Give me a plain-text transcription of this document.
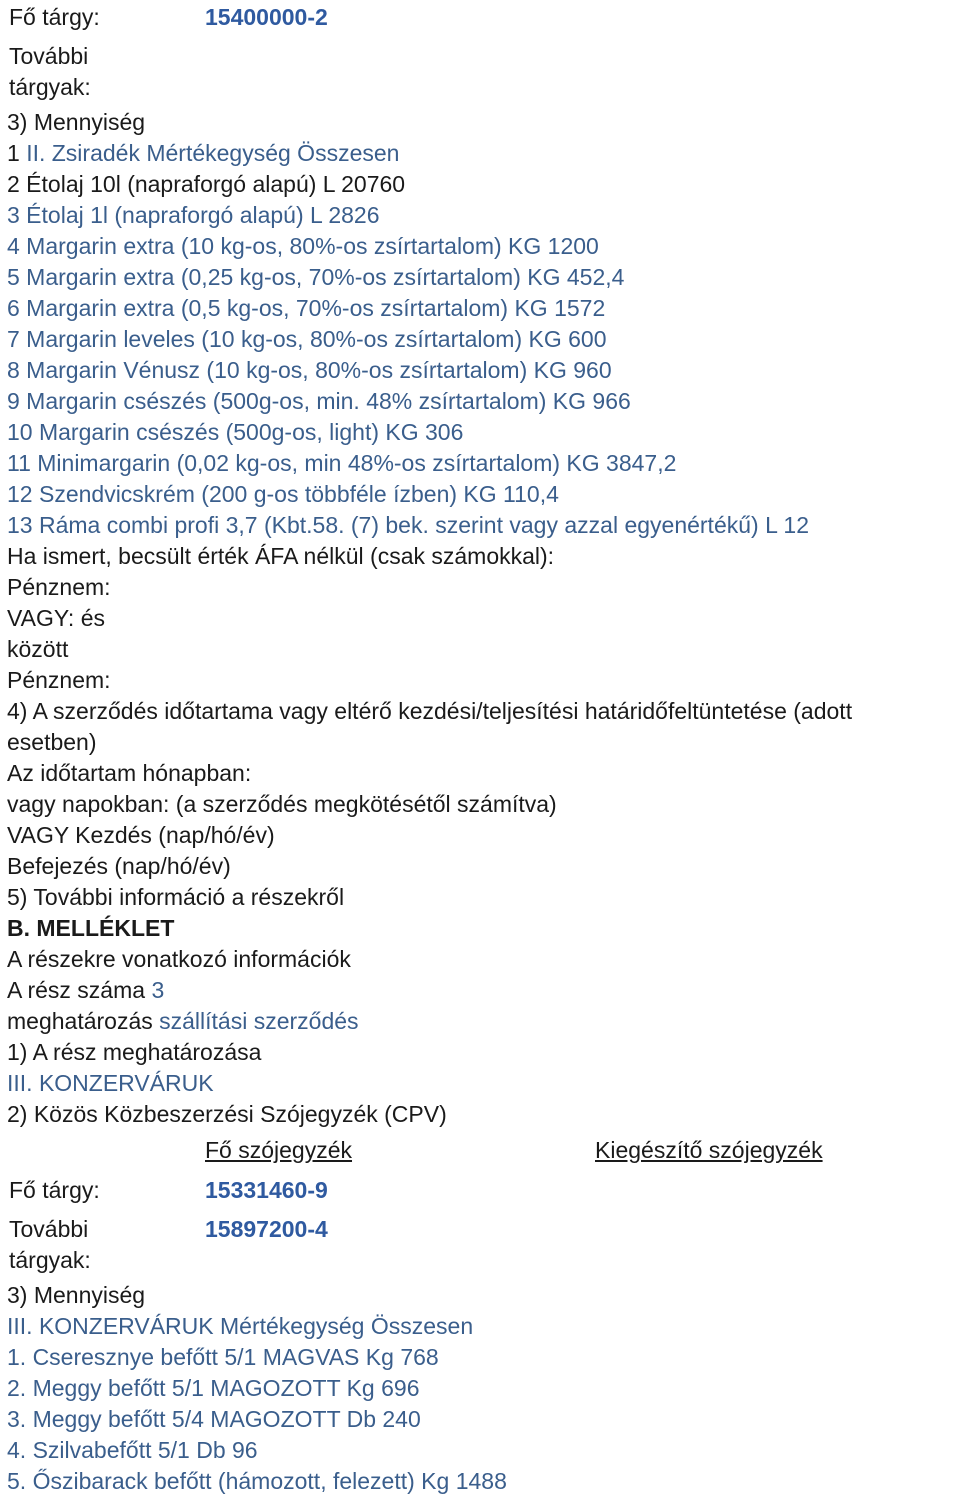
Fő tárgy:	15400000-2
További
tárgyak:

3) Mennyiség

1 II. Zsiradék Mértékegység Összesen

2 Étolaj 10l (napraforgó alapú) L 20760

3 Étolaj 1l (napraforgó alapú) L 2826

4 Margarin extra (10 kg-os, 80%-os zsírtartalom) KG 1200

5 Margarin extra (0,25 kg-os, 70%-os zsírtartalom) KG 452,4

6 Margarin extra (0,5 kg-os, 70%-os zsírtartalom) KG 1572

7 Margarin leveles (10 kg-os, 80%-os zsírtartalom) KG 600

8 Margarin Vénusz (10 kg-os, 80%-os zsírtartalom) KG 960

9 Margarin csészés (500g-os, min. 48% zsírtartalom) KG 966

10 Margarin csészés (500g-os, light) KG 306

11 Minimargarin (0,02 kg-os, min 48%-os zsírtartalom) KG 3847,2

12 Szendvicskrém (200 g-os többféle ízben) KG 110,4

13 Ráma combi profi 3,7 (Kbt.58. (7) bek. szerint vagy azzal egyenértékű) L 12

Ha ismert, becsült érték ÁFA nélkül (csak számokkal):

Pénznem:

VAGY: és

között

Pénznem:

4) A szerződés időtartama vagy eltérő kezdési/teljesítési határidőfeltüntetése (adott

esetben)

Az időtartam hónapban:

vagy napokban: (a szerződés megkötésétől számítva)

VAGY Kezdés (nap/hó/év)

Befejezés (nap/hó/év)

5) További információ a részekről

B. MELLÉKLET

A részekre vonatkozó információk

A rész száma 3

meghatározás szállítási szerződés

1) A rész meghatározása

III. KONZERVÁRUK

2) Közös Közbeszerzési Szójegyzék (CPV)

Fő szójegyzék	Kiegészítő szójegyzék
Fő tárgy:	15331460-9
További	15897200-4
tárgyak:

3) Mennyiség

III. KONZERVÁRUK Mértékegység Összesen

1. Cseresznye befőtt 5/1 MAGVAS Kg 768

2. Meggy befőtt 5/1 MAGOZOTT Kg 696

3. Meggy befőtt 5/4 MAGOZOTT Db 240

4. Szilvabefőtt 5/1 Db 96

5. Őszibarack befőtt (hámozott, felezett) Kg 1488
